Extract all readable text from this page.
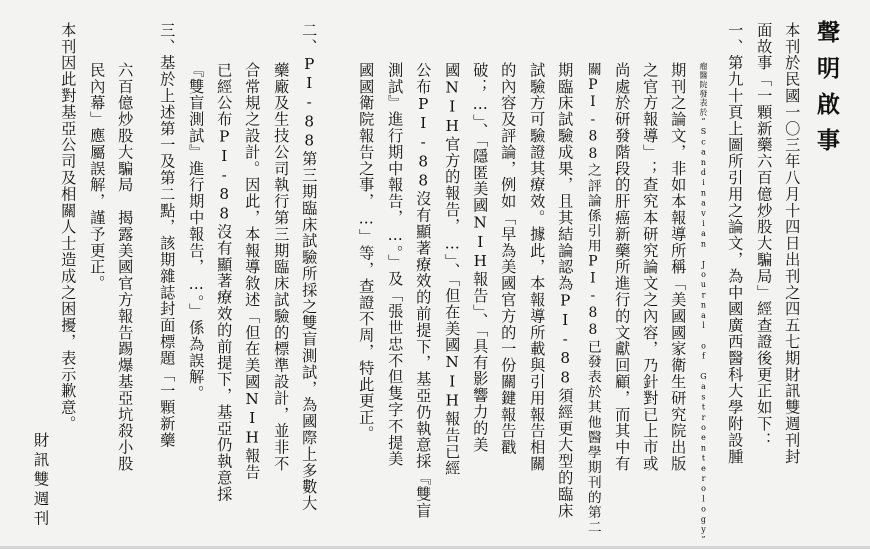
聲明啟事
本刊於民國一〇三年八月十四日出刊之四五七期財訊雙週刊封
面故事「一顆新藥六百億炒股大騙局」經查證後更正如下：
一、第九十頁上圖所引用之論文，為中國廣西醫科大學附設腫
瘤醫院發表於“Scandinavian Journal of Gastroenterology”
期刊之論文，非如本報導所稱「美國國家衛生研究院出版
之官方報導」；查究本研究論文之內容，乃針對已上市或
尚處於研發階段的肝癌新藥所進行的文獻回顧，而其中有
關PI-88之評論係引用PI-88已發表於其他醫學期刊的第二
期臨床試驗成果，且其結論認為PI-88須經更大型的臨床
試驗方可驗證其療效。據此，本報導所載與引用報告相關
的內容及評論，例如「早為美國官方的一份關鍵報告戳
破；…」、「隱匿美國NIH報告」、「具有影響力的美
國NIH官方的報告，…」、「但在美國NIH報告已經
公布PI-88沒有顯著療效的前提下，基亞仍執意採『雙盲
測試』進行期中報告，…。」及「張世忠不但隻字不提美
國國衛院報告之事，…」等，查證不周，特此更正。
二、PI-88第三期臨床試驗所採之雙盲測試，為國際上多數大
藥廠及生技公司執行第三期臨床試驗的標準設計，並非不
合常規之設計。因此，本報導敘述「但在美國NIH報告
已經公布PI-88沒有顯著療效的前提下，基亞仍執意採
『雙盲測試』進行期中報告，…。」係為誤解。
三、基於上述第一及第二點，該期雜誌封面標題「一顆新藥
六百億炒股大騙局　揭露美國官方報告踢爆基亞坑殺小股
民內幕」應屬誤解，謹予更正。
本刊因此對基亞公司及相關人士造成之困擾，表示歉意。
財訊雙週刊
